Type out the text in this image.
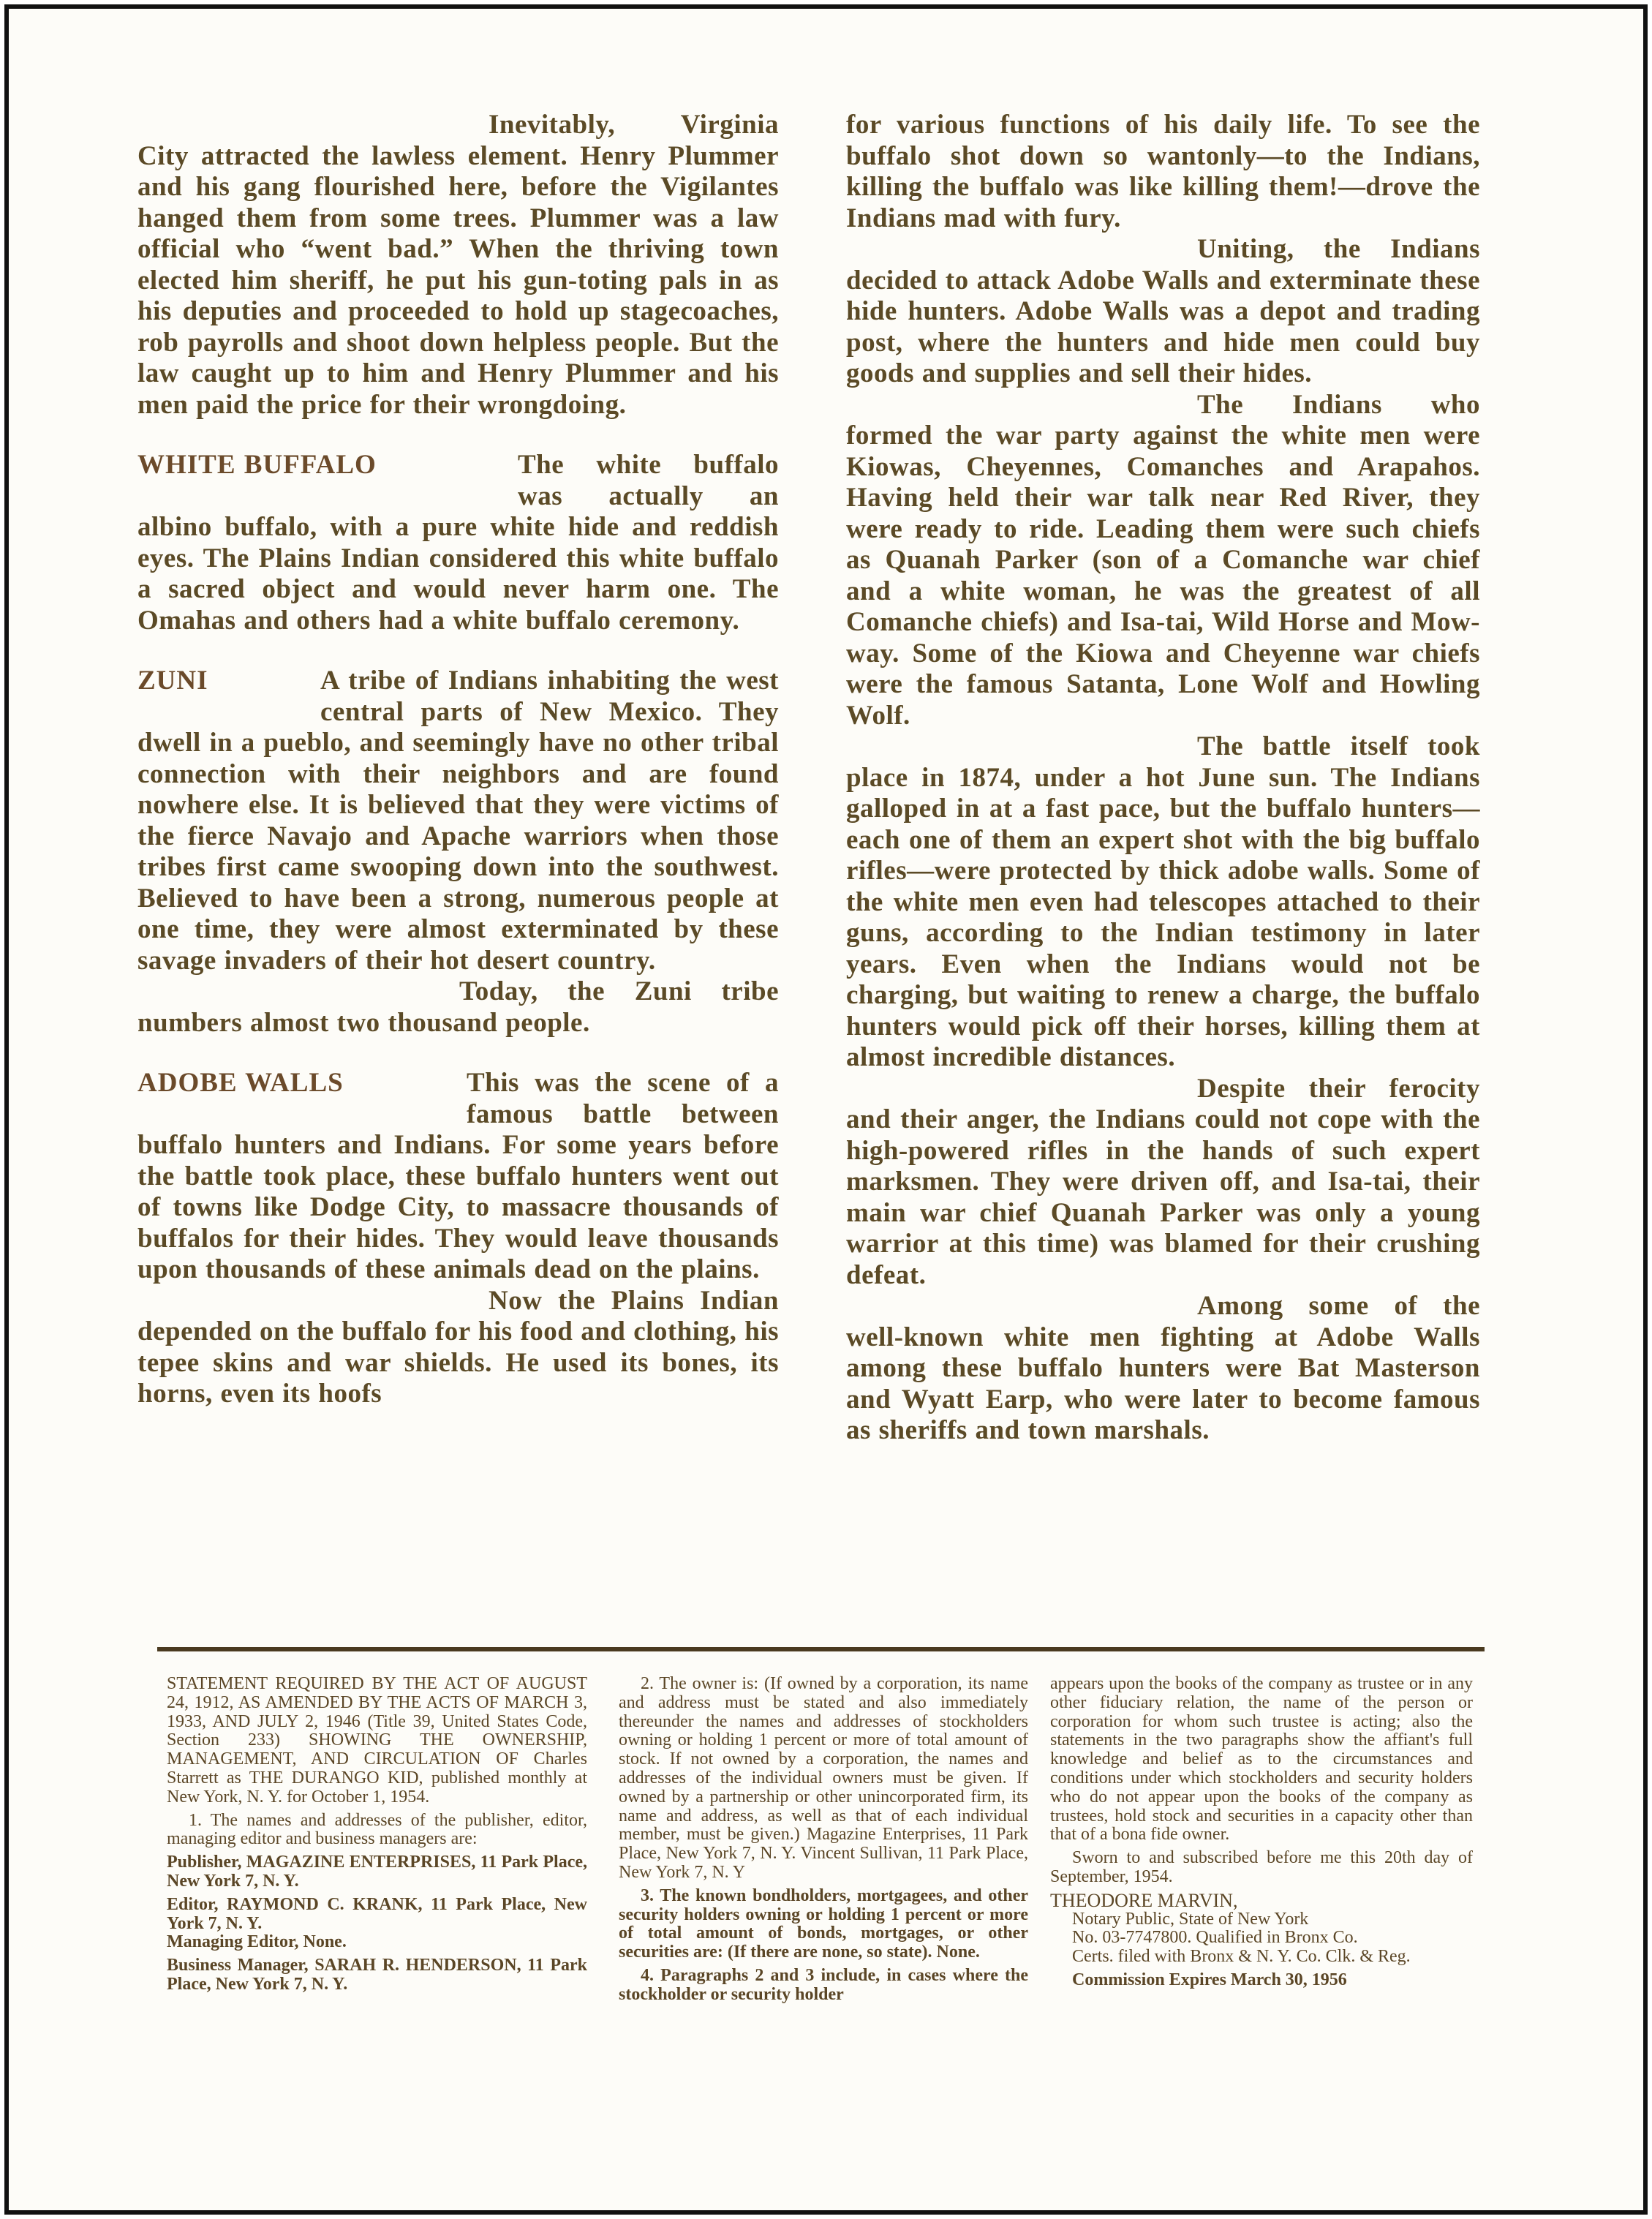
Inevitably, Virginia City attracted the lawless element. Henry Plummer and his gang flourished here, before the Vigilantes hanged them from some trees. Plummer was a law official who “went bad.” When the thriving town elected him sheriff, he put his gun-toting pals in as his deputies and proceeded to hold up stagecoaches, rob payrolls and shoot down helpless people. But the law caught up to him and Henry Plummer and his men paid the price for their wrongdoing.

WHITE BUFFALO	The white buffalo was actually an albino buffalo, with a pure white hide and reddish eyes. The Plains Indian considered this white buffalo a sacred object and would never harm one. The Omahas and others had a white buffalo ceremony.

ZUNI	A tribe of Indians inhabiting the west central parts of New Mexico. They dwell in a pueblo, and seemingly have no other tribal connection with their neighbors and are found nowhere else. It is believed that they were victims of the fierce Navajo and Apache warriors when those tribes first came swooping down into the southwest. Believed to have been a strong, numerous people at one time, they were almost exterminated by these savage invaders of their hot desert country.

Today, the Zuni tribe numbers almost two thousand people.

ADOBE WALLS	This was the scene of a famous battle between buffalo hunters and Indians. For some years before the battle took place, these buffalo hunters went out of towns like Dodge City, to massacre thousands of buffalos for their hides. They would leave thousands upon thousands of these animals dead on the plains.

Now the Plains Indian depended on the buffalo for his food and clothing, his tepee skins and war shields. He used its bones, its horns, even its hoofs

for various functions of his daily life. To see the buffalo shot down so wantonly—to the Indians, killing the buffalo was like killing them!—drove the Indians mad with fury.

Uniting, the Indians decided to attack Adobe Walls and exterminate these hide hunters. Adobe Walls was a depot and trading post, where the hunters and hide men could buy goods and supplies and sell their hides.

The Indians who formed the war party against the white men were Kiowas, Cheyennes, Comanches and Arapahos. Having held their war talk near Red River, they were ready to ride. Leading them were such chiefs as Quanah Parker (son of a Comanche war chief and a white woman, he was the greatest of all Comanche chiefs) and Isa-tai, Wild Horse and Mow-way. Some of the Kiowa and Cheyenne war chiefs were the famous Satanta, Lone Wolf and Howling Wolf.

The battle itself took place in 1874, under a hot June sun. The Indians galloped in at a fast pace, but the buffalo hunters—each one of them an expert shot with the big buffalo rifles—were protected by thick adobe walls. Some of the white men even had telescopes attached to their guns, according to the Indian testimony in later years. Even when the Indians would not be charging, but waiting to renew a charge, the buffalo hunters would pick off their horses, killing them at almost incredible distances.

Despite their ferocity and their anger, the Indians could not cope with the high-powered rifles in the hands of such expert marksmen. They were driven off, and Isa-tai, their main war chief Quanah Parker was only a young warrior at this time) was blamed for their crushing defeat.

Among some of the well-known white men fighting at Adobe Walls among these buffalo hunters were Bat Masterson and Wyatt Earp, who were later to become famous as sheriffs and town marshals.

STATEMENT REQUIRED BY THE ACT OF AUGUST 24, 1912, AS AMENDED BY THE ACTS OF MARCH 3, 1933, AND JULY 2, 1946 (Title 39, United States Code, Section 233) SHOWING THE OWNERSHIP, MANAGEMENT, AND CIRCULATION OF Charles Starrett as THE DURANGO KID, published monthly at New York, N. Y. for October 1, 1954.

1. The names and addresses of the publisher, editor, managing editor and business managers are:

Publisher, MAGAZINE ENTERPRISES, 11 Park Place, New York 7, N. Y.

Editor, RAYMOND C. KRANK, 11 Park Place, New York 7, N. Y.

Managing Editor, None.

Business Manager, SARAH R. HENDERSON, 11 Park Place, New York 7, N. Y.

2. The owner is: (If owned by a corporation, its name and address must be stated and also immediately thereunder the names and addresses of stockholders owning or holding 1 percent or more of total amount of stock. If not owned by a corporation, the names and addresses of the individual owners must be given. If owned by a partnership or other unincorporated firm, its name and address, as well as that of each individual member, must be given.) Magazine Enterprises, 11 Park Place, New York 7, N. Y. Vincent Sullivan, 11 Park Place, New York 7, N. Y

3. The known bondholders, mortgagees, and other security holders owning or holding 1 percent or more of total amount of bonds, mortgages, or other securities are: (If there are none, so state). None.

4. Paragraphs 2 and 3 include, in cases where the stockholder or security holder

appears upon the books of the company as trustee or in any other fiduciary relation, the name of the person or corporation for whom such trustee is acting; also the statements in the two paragraphs show the affiant's full knowledge and belief as to the circumstances and conditions under which stockholders and security holders who do not appear upon the books of the company as trustees, hold stock and securities in a capacity other than that of a bona fide owner.

Sworn to and subscribed before me this 20th day of September, 1954.

THEODORE MARVIN,

Notary Public, State of New York

No. 03-7747800. Qualified in Bronx Co.

Certs. filed with Bronx & N. Y. Co. Clk. & Reg.

Commission Expires March 30, 1956
